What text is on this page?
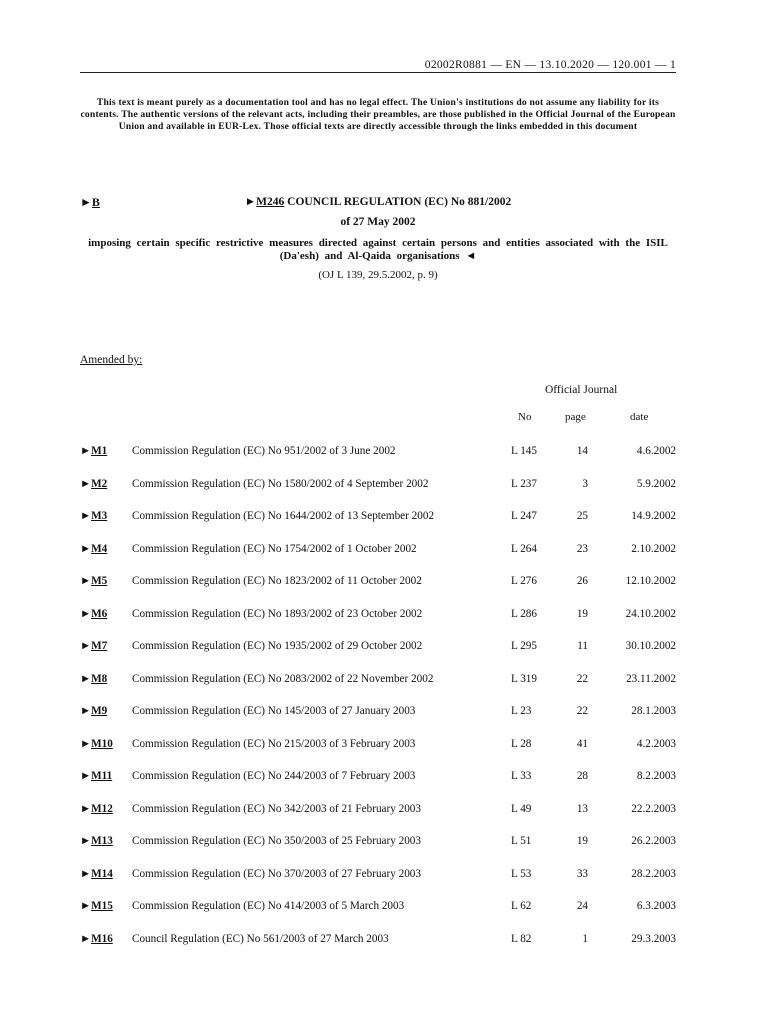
02002R0881 — EN — 13.10.2020 — 120.001 — 1
This text is meant purely as a documentation tool and has no legal effect. The Union's institutions do not assume any liability for its contents. The authentic versions of the relevant acts, including their preambles, are those published in the Official Journal of the European Union and available in EUR-Lex. Those official texts are directly accessible through the links embedded in this document
►B	►M246 COUNCIL REGULATION (EC) No 881/2002
of 27 May 2002
imposing certain specific restrictive measures directed against certain persons and entities associated with the ISIL (Da'esh) and Al-Qaida organisations ◄
(OJ L 139, 29.5.2002, p. 9)
Amended by:
Official Journal
No	page	date
►M1 Commission Regulation (EC) No 951/2002 of 3 June 2002	L 145	14	4.6.2002
►M2 Commission Regulation (EC) No 1580/2002 of 4 September 2002	L 237	3	5.9.2002
►M3 Commission Regulation (EC) No 1644/2002 of 13 September 2002	L 247	25	14.9.2002
►M4 Commission Regulation (EC) No 1754/2002 of 1 October 2002	L 264	23	2.10.2002
►M5 Commission Regulation (EC) No 1823/2002 of 11 October 2002	L 276	26	12.10.2002
►M6 Commission Regulation (EC) No 1893/2002 of 23 October 2002	L 286	19	24.10.2002
►M7 Commission Regulation (EC) No 1935/2002 of 29 October 2002	L 295	11	30.10.2002
►M8 Commission Regulation (EC) No 2083/2002 of 22 November 2002	L 319	22	23.11.2002
►M9 Commission Regulation (EC) No 145/2003 of 27 January 2003	L 23	22	28.1.2003
►M10 Commission Regulation (EC) No 215/2003 of 3 February 2003	L 28	41	4.2.2003
►M11 Commission Regulation (EC) No 244/2003 of 7 February 2003	L 33	28	8.2.2003
►M12 Commission Regulation (EC) No 342/2003 of 21 February 2003	L 49	13	22.2.2003
►M13 Commission Regulation (EC) No 350/2003 of 25 February 2003	L 51	19	26.2.2003
►M14 Commission Regulation (EC) No 370/2003 of 27 February 2003	L 53	33	28.2.2003
►M15 Commission Regulation (EC) No 414/2003 of 5 March 2003	L 62	24	6.3.2003
►M16 Council Regulation (EC) No 561/2003 of 27 March 2003	L 82	1	29.3.2003
